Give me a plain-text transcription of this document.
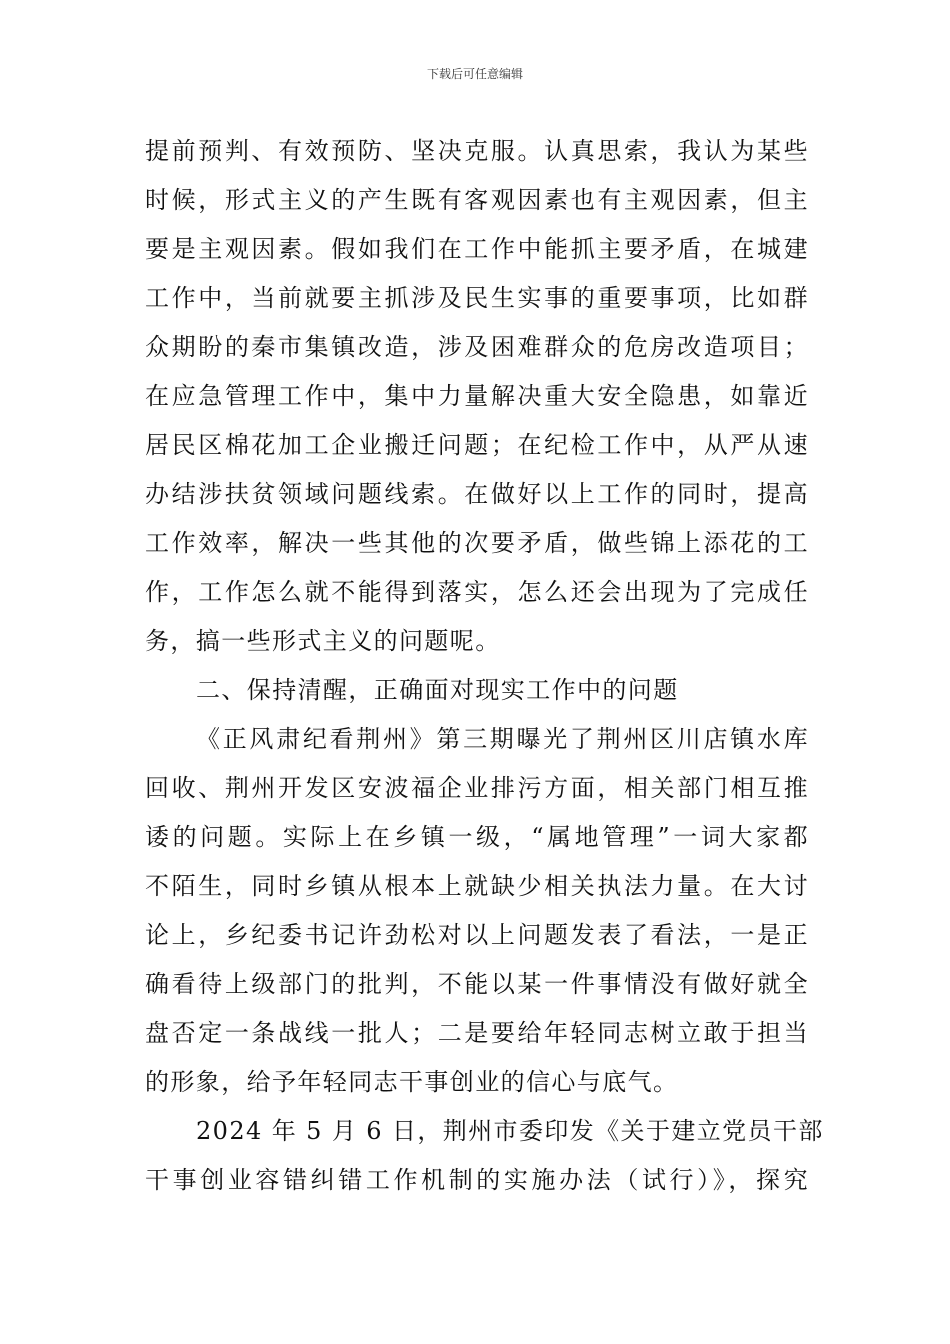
下载后可任意编辑
提前预判、有效预防、坚决克服。认真思索，我认为某些
时候，形式主义的产生既有客观因素也有主观因素，但主
要是主观因素。假如我们在工作中能抓主要矛盾，在城建
工作中，当前就要主抓涉及民生实事的重要事项，比如群
众期盼的秦市集镇改造，涉及困难群众的危房改造项目；
在应急管理工作中，集中力量解决重大安全隐患，如靠近
居民区棉花加工企业搬迁问题；在纪检工作中，从严从速
办结涉扶贫领域问题线索。在做好以上工作的同时，提高
工作效率，解决一些其他的次要矛盾，做些锦上添花的工
作，工作怎么就不能得到落实，怎么还会出现为了完成任
务，搞一些形式主义的问题呢。
二、保持清醒，正确面对现实工作中的问题
《正风肃纪看荆州》第三期曝光了荆州区川店镇水库
回收、荆州开发区安波福企业排污方面，相关部门相互推
诿的问题。实际上在乡镇一级，“属地管理”一词大家都
不陌生，同时乡镇从根本上就缺少相关执法力量。在大讨
论上，乡纪委书记许劲松对以上问题发表了看法，一是正
确看待上级部门的批判，不能以某一件事情没有做好就全
盘否定一条战线一批人；二是要给年轻同志树立敢于担当
的形象，给予年轻同志干事创业的信心与底气。
2024 年 5 月 6 日，荆州市委印发《关于建立党员干部
干事创业容错纠错工作机制的实施办法（试行）》，探究
